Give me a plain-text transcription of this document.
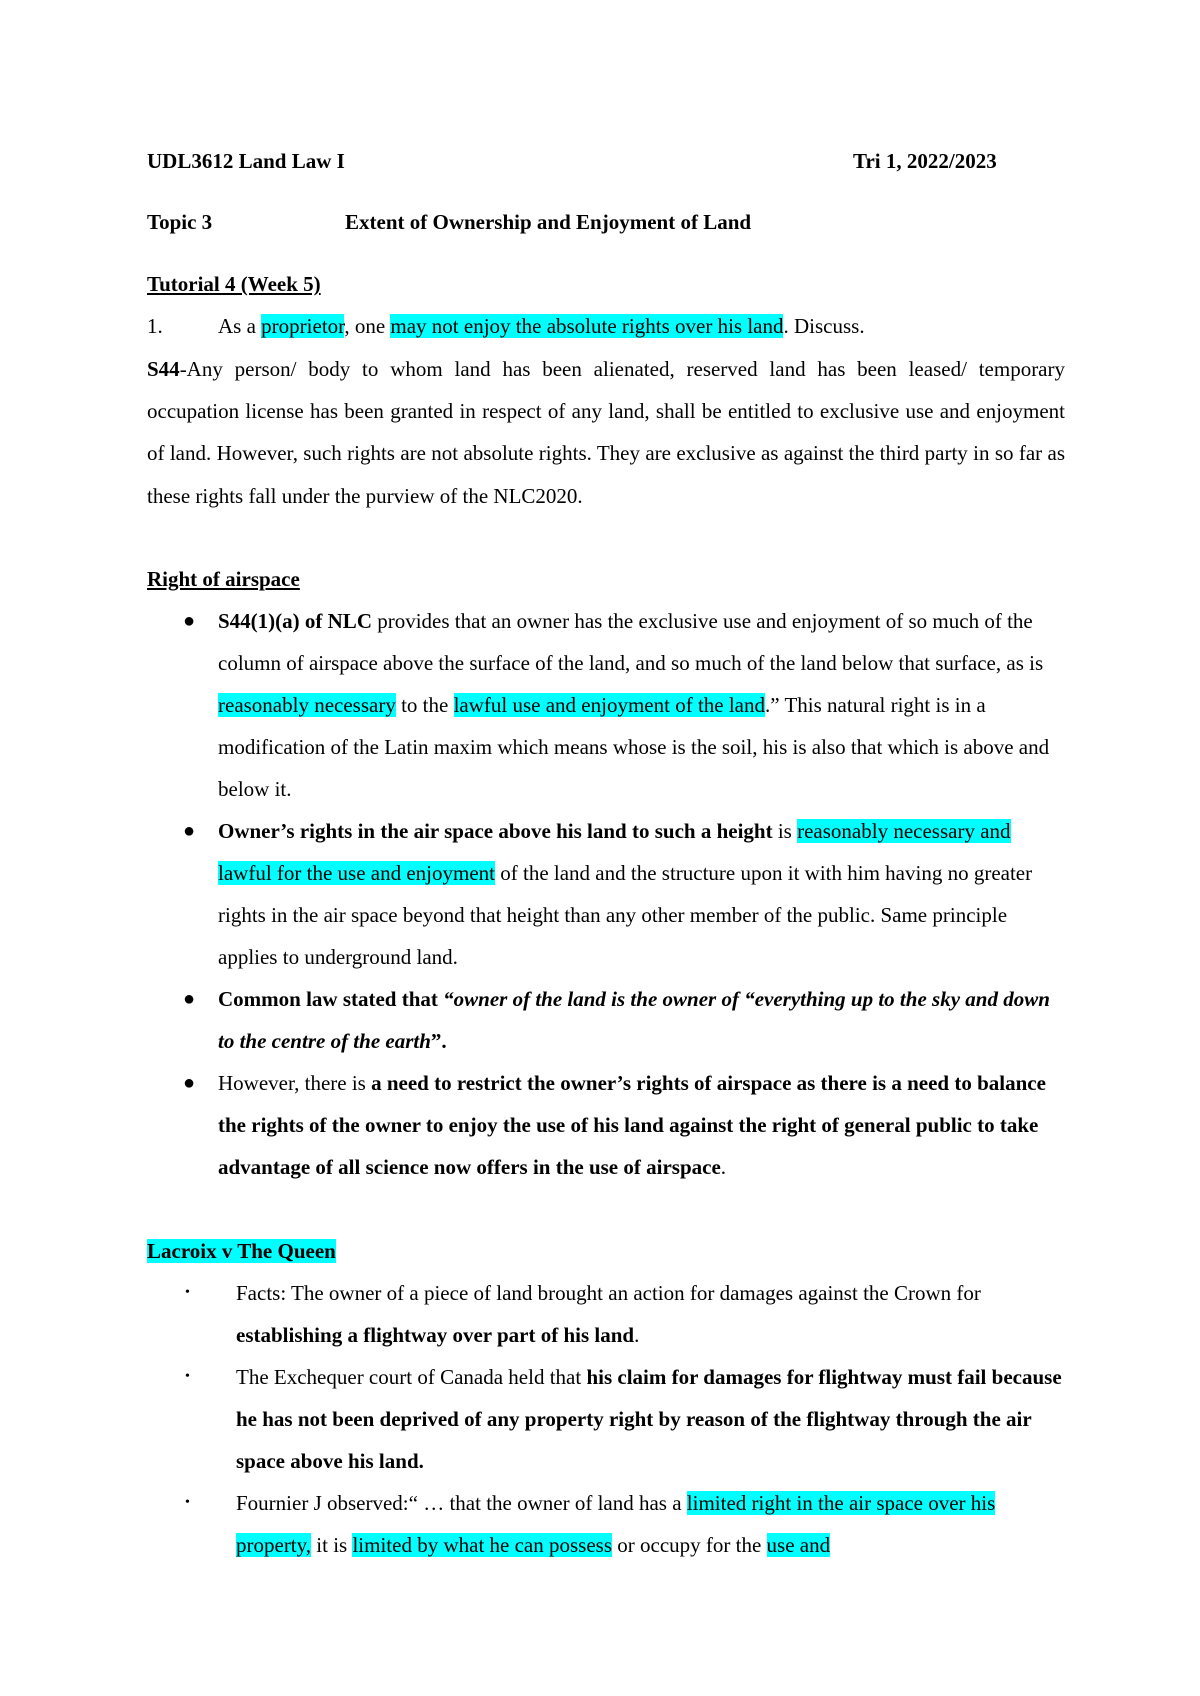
UDL3612 Land Law I	Tri 1, 2022/2023
Topic 3	Extent of Ownership and Enjoyment of Land
Tutorial 4 (Week 5)
1.	As a proprietor, one may not enjoy the absolute rights over his land. Discuss.
S44-Any person/ body to whom land has been alienated, reserved land has been leased/ temporary occupation license has been granted in respect of any land, shall be entitled to exclusive use and enjoyment of land. However, such rights are not absolute rights. They are exclusive as against the third party in so far as these rights fall under the purview of the NLC2020.
Right of airspace
● S44(1)(a) of NLC provides that an owner has the exclusive use and enjoyment of so much of the column of airspace above the surface of the land, and so much of the land below that surface, as is reasonably necessary to the lawful use and enjoyment of the land.” This natural right is in a modification of the Latin maxim which means whose is the soil, his is also that which is above and below it.
● Owner’s rights in the air space above his land to such a height is reasonably necessary and lawful for the use and enjoyment of the land and the structure upon it with him having no greater rights in the air space beyond that height than any other member of the public. Same principle applies to underground land.
● Common law stated that “owner of the land is the owner of “everything up to the sky and down to the centre of the earth”.
● However, there is a need to restrict the owner’s rights of airspace as there is a need to balance the rights of the owner to enjoy the use of his land against the right of general public to take advantage of all science now offers in the use of airspace.
Lacroix v The Queen
• Facts: The owner of a piece of land brought an action for damages against the Crown for establishing a flightway over part of his land.
• The Exchequer court of Canada held that his claim for damages for flightway must fail because he has not been deprived of any property right by reason of the flightway through the air space above his land.
• Fournier J observed:“ … that the owner of land has a limited right in the air space over his property, it is limited by what he can possess or occupy for the use and
